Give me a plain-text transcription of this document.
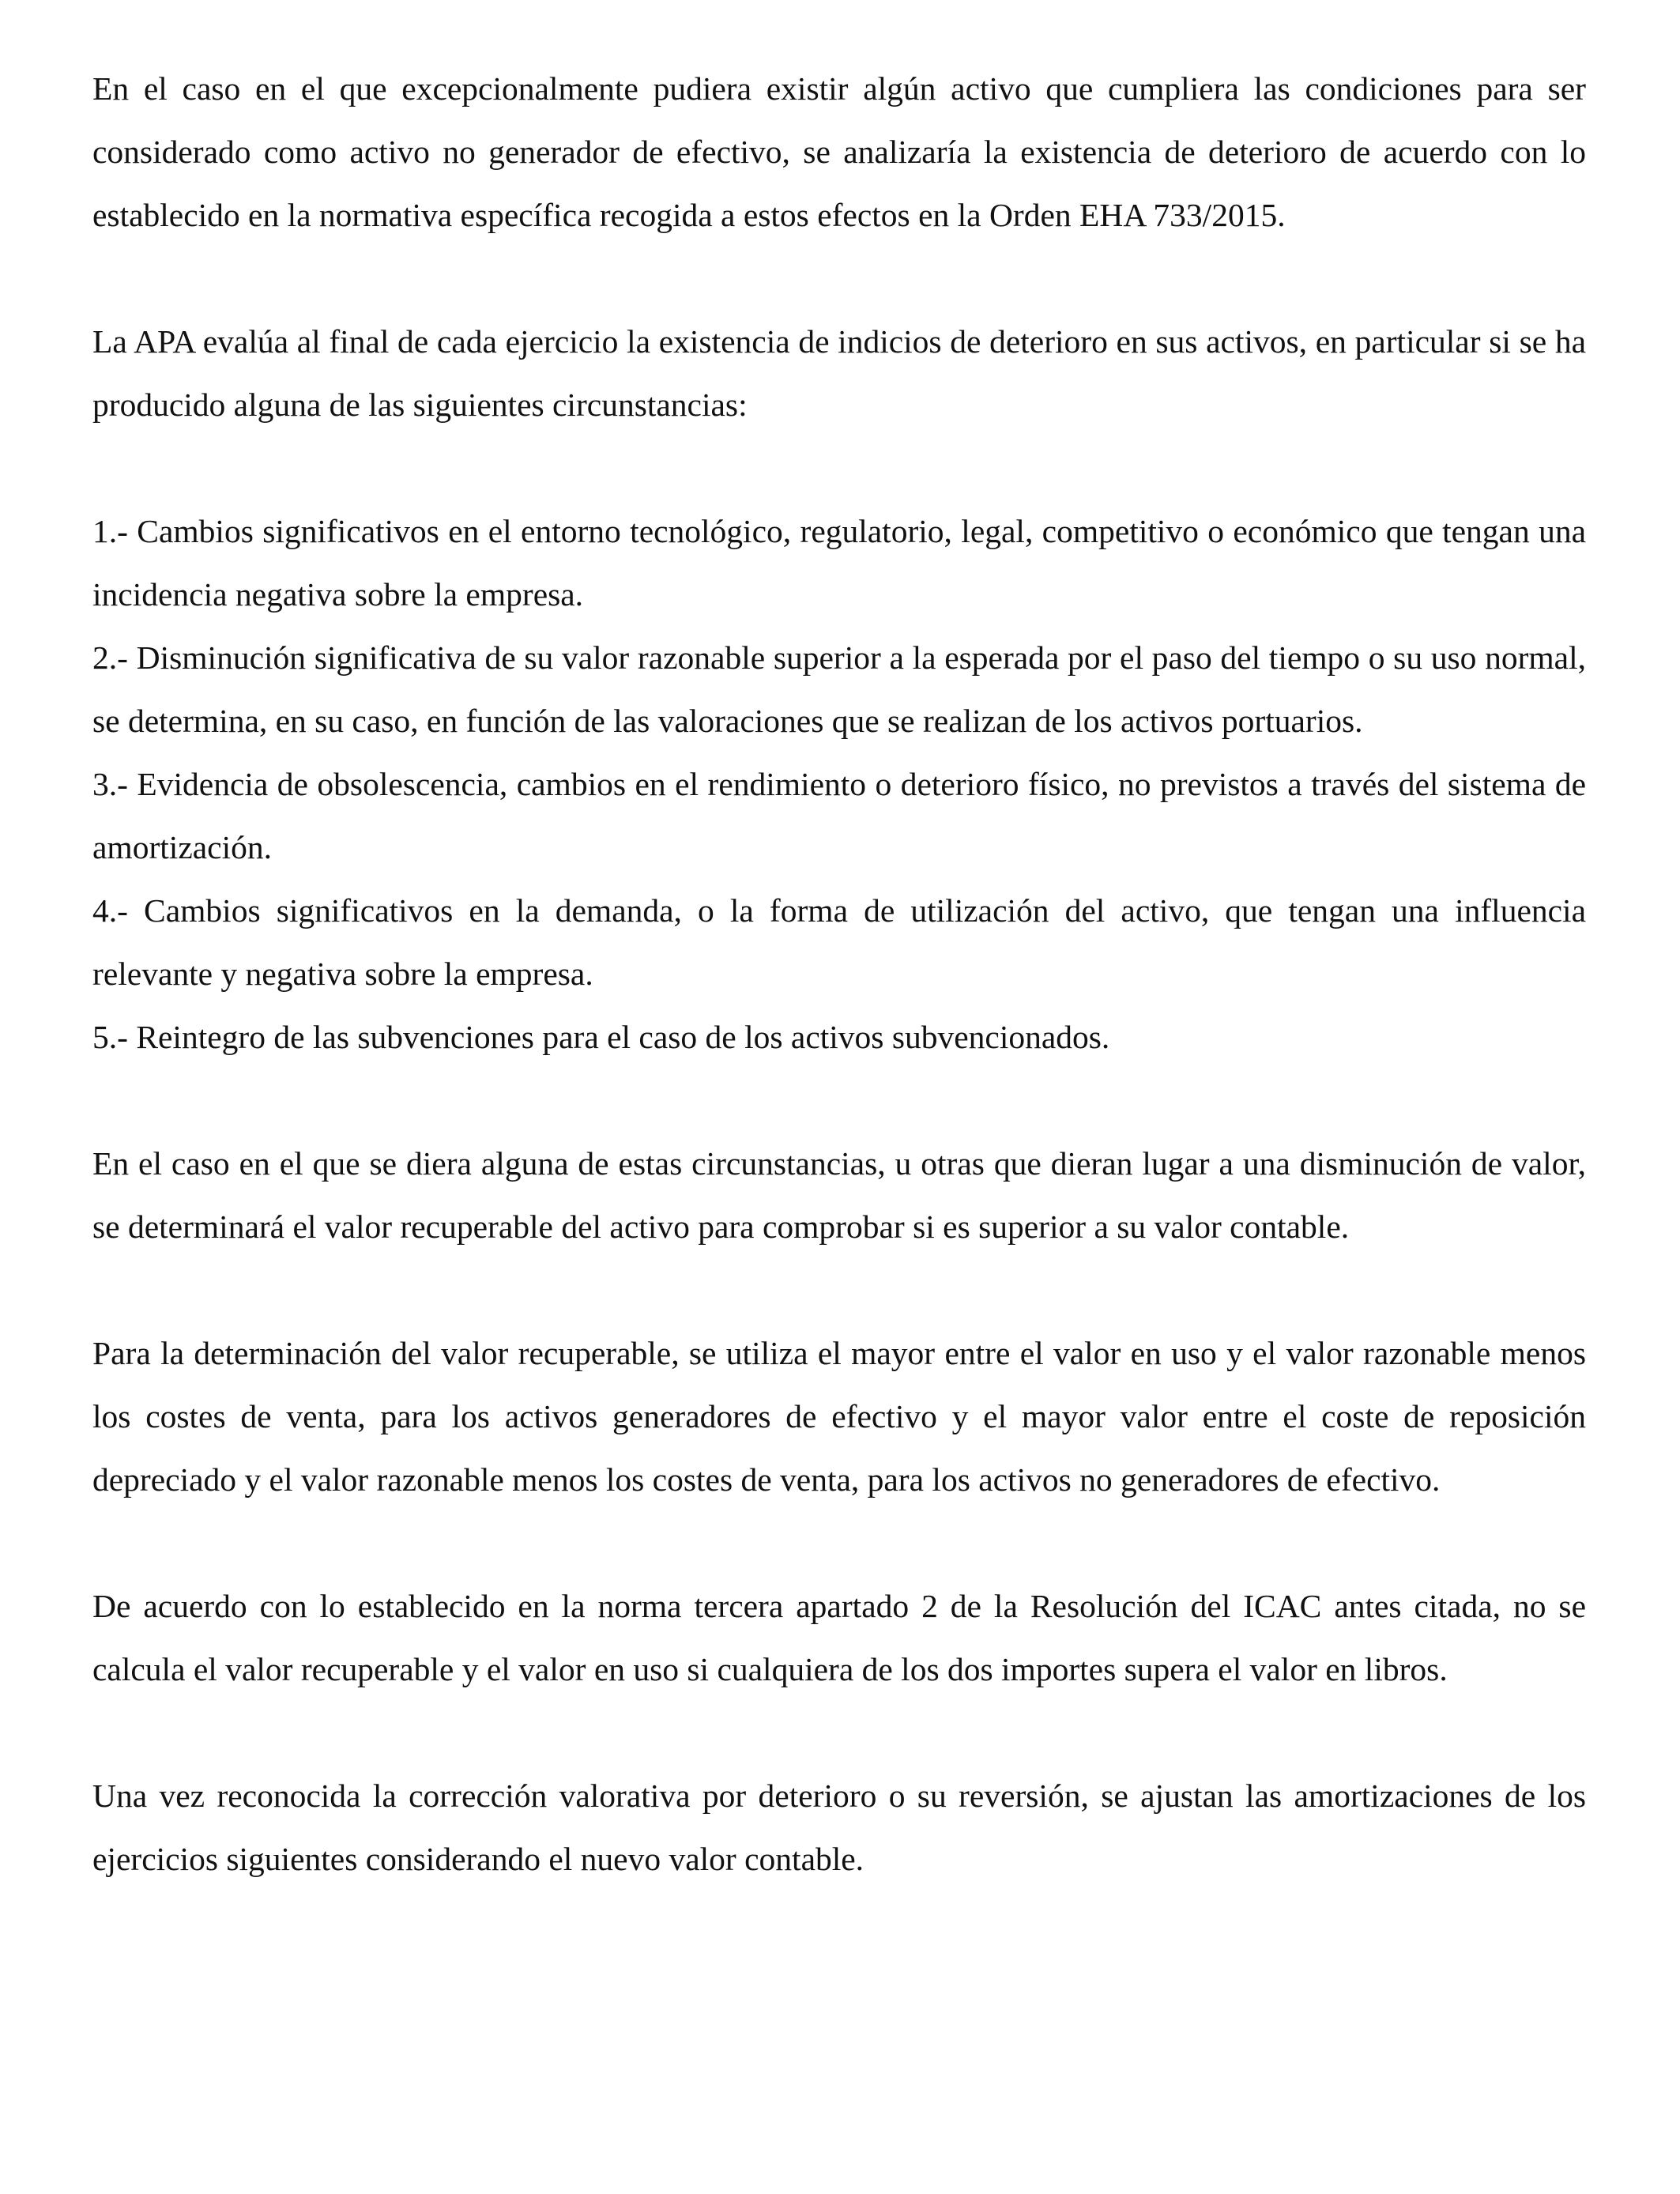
En el caso en el que excepcionalmente pudiera existir algún activo que cumpliera las condiciones para ser considerado como activo no generador de efectivo, se analizaría la existencia de deterioro de acuerdo con lo establecido en la normativa específica recogida a estos efectos en la Orden EHA 733/2015.

La APA evalúa al final de cada ejercicio la existencia de indicios de deterioro en sus activos, en particular si se ha producido alguna de las siguientes circunstancias:

1.- Cambios significativos en el entorno tecnológico, regulatorio, legal, competitivo o económico que tengan una incidencia negativa sobre la empresa.

2.- Disminución significativa de su valor razonable superior a la esperada por el paso del tiempo o su uso normal, se determina, en su caso, en función de las valoraciones que se realizan de los activos portuarios.

3.- Evidencia de obsolescencia, cambios en el rendimiento o deterioro físico, no previstos a través del sistema de amortización.

4.- Cambios significativos en la demanda, o la forma de utilización del activo, que tengan una influencia relevante y negativa sobre la empresa.

5.- Reintegro de las subvenciones para el caso de los activos subvencionados.

En el caso en el que se diera alguna de estas circunstancias, u otras que dieran lugar a una disminución de valor, se determinará el valor recuperable del activo para comprobar si es superior a su valor contable.

Para la determinación del valor recuperable, se utiliza el mayor entre el valor en uso y el valor razonable menos los costes de venta, para los activos generadores de efectivo y el mayor valor entre el coste de reposición depreciado y el valor razonable menos los costes de venta, para los activos no generadores de efectivo.

De acuerdo con lo establecido en la norma tercera apartado 2 de la Resolución del ICAC antes citada, no se calcula el valor recuperable y el valor en uso si cualquiera de los dos importes supera el valor en libros.

Una vez reconocida la corrección valorativa por deterioro o su reversión, se ajustan las amortizaciones de los ejercicios siguientes considerando el nuevo valor contable.
